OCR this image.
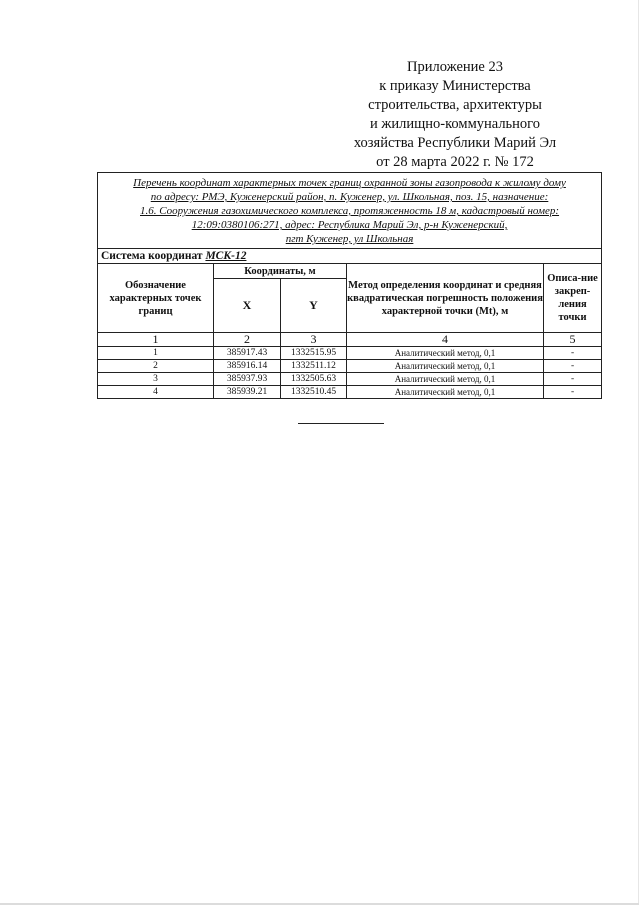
Приложение 23
к приказу Министерства
строительства, архитектуры
и жилищно-коммунального
хозяйства Республики Марий Эл
от 28 марта 2022 г. № 172
Перечень координат характерных точек границ охранной зоны газопровода к жилому дому
по адресу: РМЭ, Куженерский район, п. Куженер, ул. Школьная, поз. 15, назначение:
1.6. Сооружения газохимического комплекса, протяженность 18 м, кадастровый номер:
12:09:0380106:271, адрес: Республика Марий Эл, р-н Куженерский,
пгт Куженер, ул Школьная				

Система координат МСК-12				
Обозначение характерных точек границ	Координаты, м		Метод определения координат и средняя квадратическая погрешность положения характерной точки (Mt), м	Описа-ние закреп-ления точки
	X	Y		
1	2	3	4	5
1	385917.43	1332515.95	Аналитический метод, 0,1	-
2	385916.14	1332511.12	Аналитический метод, 0,1	-
3	385937.93	1332505.63	Аналитический метод, 0,1	-
4	385939.21	1332510.45	Аналитический метод, 0,1	-
